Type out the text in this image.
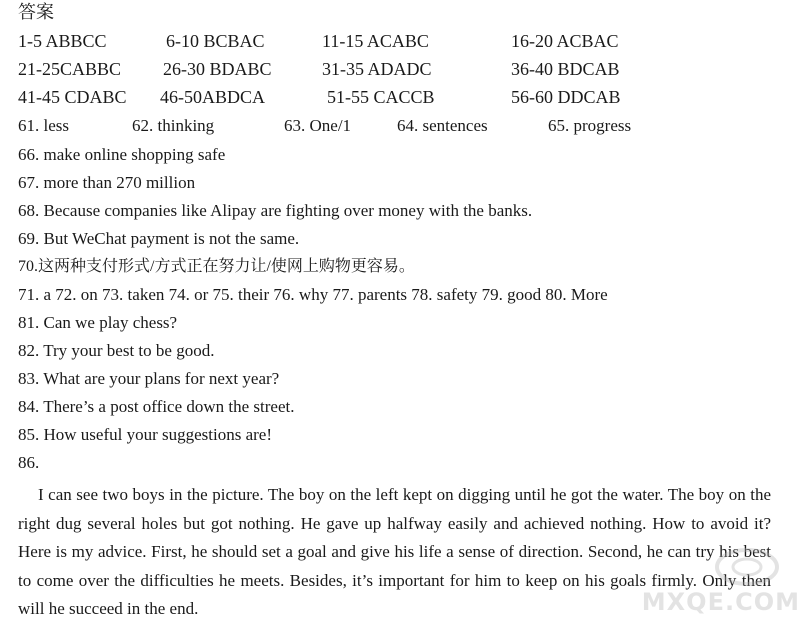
答案
1-5 ABBCC	6-10 BCBAC	11-15 ACABC	16-20 ACBAC
21-25CABBC 26-30 BDABC	31-35 ADADC	36-40 BDCAB
41-45 CDABC 46-50ABDCA	51-55 CACCB	56-60 DDCAB
61. less	62. thinking	63. One/1	64. sentences	65. progress
66. make online shopping safe
67. more than 270 million
68. Because companies like Alipay are fighting over money with the banks.
69. But WeChat payment is not the same.
70.这两种支付形式/方式正在努力让/使网上购物更容易。
71. a 72. on 73. taken 74. or 75. their 76. why 77. parents 78. safety 79. good 80. More
81. Can we play chess?
82. Try your best to be good.
83. What are your plans for next year?
84. There’s a post office down the street.
85. How useful your suggestions are!
86.
I can see two boys in the picture. The boy on the left kept on digging until he got the water. The boy on the right dug several holes but got nothing. He gave up halfway easily and achieved nothing. How to avoid it? Here is my advice. First, he should set a goal and give his life a sense of direction. Second, he can try his best to come over the difficulties he meets. Besides, it’s important for him to keep on his goals firmly. Only then will he succeed in the end.	MXQE.COM
